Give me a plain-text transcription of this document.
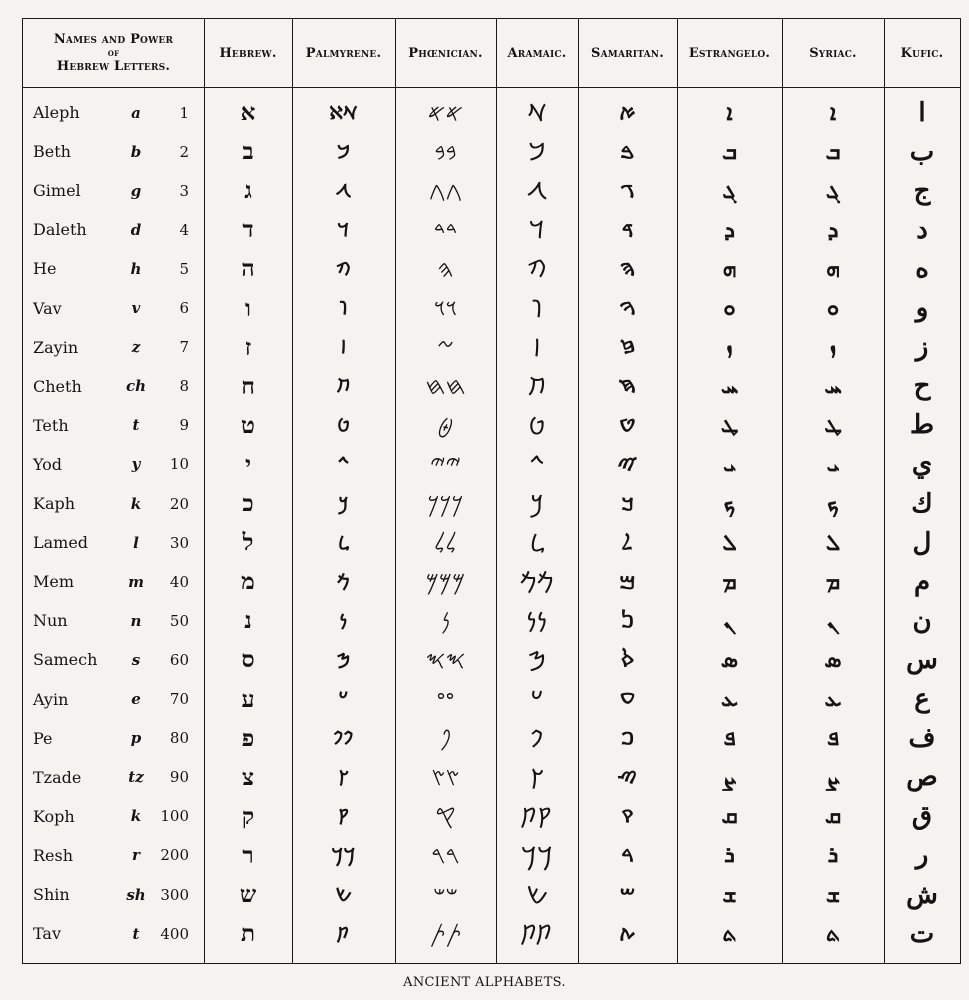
Names and Power
of
Hebrew Letters.
Hebrew.	Palmyrene.	Phœnician.	Aramaic.	Samaritan.	Estrangelo.	Syriac.	Kufic.
Aleph	a	1	א	ℵ𐡀	𐤀𐤀	𐡀	ࠀ	ܐ	ܐ	ا
Beth	b	2	ב	𐡁	𐤁𐤁	𐡁	ࠁ	ܒ	ܒ	ب
Gimel	g	3	ג	𐡂	𐤂𐤂	𐡂	ࠂ	ܓ	ܓ	ج
Daleth	d	4	ד	𐡃	𐤃𐤃	𐡃	ࠃ	ܕ	ܕ	د
He	h	5	ה	𐡄	𐤄	𐡄	ࠄ	ܗ	ܗ	ه
Vav	v	6	ו	𐡅	𐤅𐤅	𐡅	ࠅ	ܘ	ܘ	و
Zayin	z	7	ז	𐡆	𐤆	𐡆	ࠆ	ܙ	ܙ	ز
Cheth	ch	8	ח	𐡇	𐤇𐤇	𐡇	ࠇ	ܚ	ܚ	ح
Teth	t	9	ט	𐡈	𐤈	𐡈	ࠈ	ܛ	ܛ	ط
Yod	y	10	י	𐡉	𐤉𐤉	𐡉	ࠉ	ܝ	ܝ	ي
Kaph	k	20	כ	𐡊	𐤊𐤊𐤊	𐡊	ࠊ	ܟ	ܟ	ك
Lamed	l	30	ל	𐡋	𐤋𐤋	𐡋	ࠋ	ܠ	ܠ	ل
Mem	m	40	מ	𐡌	𐤌𐤌𐤌	𐡌𐡌	ࠌ	ܡ	ܡ	م
Nun	n	50	נ	𐡍	𐤍	𐡍𐡍	ࠍ	ܢ	ܢ	ن
Samech	s	60	ס	𐡎	𐤎𐤎	𐡎	ࠎ	ܣ	ܣ	س
Ayin	e	70	ע	𐡏	𐤏𐤏	𐡏	ࠏ	ܥ	ܥ	ع
Pe	p	80	פ	𐡐𐡐	𐤐	𐡐	ࠐ	ܦ	ܦ	ف
Tzade	tz	90	צ	𐡑	𐤑𐤑	𐡑	ࠑ	ܨ	ܨ	ص
Koph	k	100	ק	𐡒	𐤒	𐡒𐡕	ࠒ	ܩ	ܩ	ق
Resh	r	200	ר	𐡓𐡓	𐤓𐤓	𐡓𐡓	ࠓ	ܪ	ܪ	ر
Shin	sh 300	ש	𐡔	𐤔𐤔	𐡔	ࠔ	ܫ	ܫ	ش
Tav	t	400	ת	𐡕	𐤕𐤕	𐡕𐡕	ࠕ	ܬ	ܬ	ت
ANCIENT ALPHABETS.
